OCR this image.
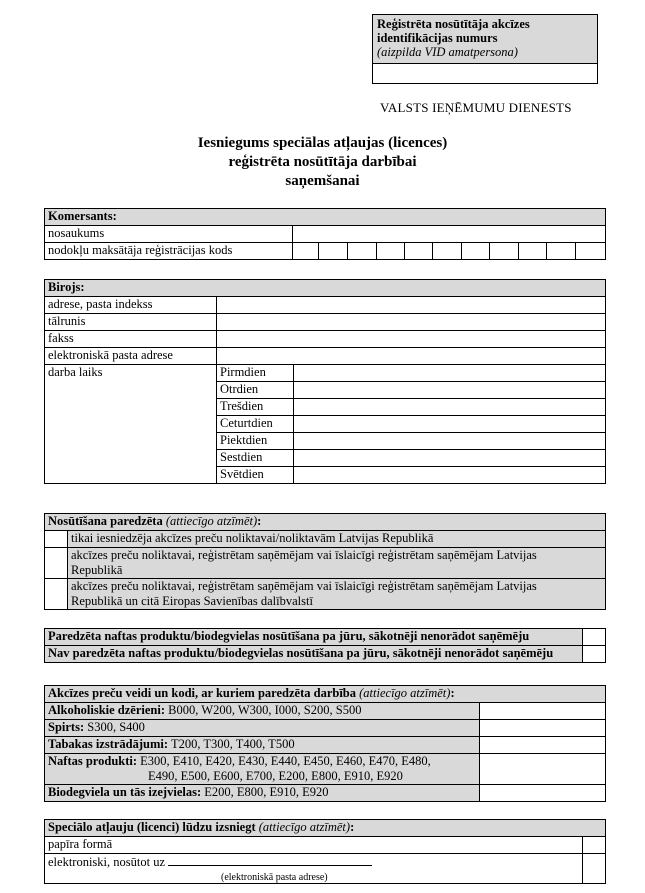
Reģistrēta nosūtītāja akcīzes
identifikācijas numurs
(aizpilda VID amatpersona)
VALSTS IEŅĒMUMU DIENESTS
Iesniegums speciālas atļaujas (licences)
reģistrēta nosūtītāja darbībai
saņemšanai
Komersants:											
nosaukums											
nodokļu maksātāja reģistrācijas kods											
Birojs:		
adrese, pasta indekss		
tālrunis		
fakss		
elektroniskā pasta adrese		
darba laiks	Pirmdien	
	Otrdien	
	Trešdien	
	Ceturtdien	
	Piektdien	
	Sestdien	
	Svētdien	
Nosūtīšana paredzēta (attiecīgo atzīmēt):	
	tikai iesniedzēja akcīzes preču noliktavai/noliktavām Latvijas Republikā

	akcīzes preču noliktavai, reģistrētam saņēmējam vai īslaicīgi reģistrētam saņēmējam Latvijas
Republikā

	akcīzes preču noliktavai, reģistrētam saņēmējam vai īslaicīgi reģistrētam saņēmējam Latvijas
Republikā un citā Eiropas Savienības dalībvalstī
Paredzēta naftas produktu/biodegvielas nosūtīšana pa jūru, sākotnēji nenorādot saņēmēju	
Nav paredzēta naftas produktu/biodegvielas nosūtīšana pa jūru, sākotnēji nenorādot saņēmēju	
Akcīzes preču veidi un kodi, ar kuriem paredzēta darbība (attiecīgo atzīmēt):	
Alkoholiskie dzērieni: B000, W200, W300, I000, S200, S500	
Spirts: S300, S400	
Tabakas izstrādājumi: T200, T300, T400, T500	

Naftas produkti: E300, E410, E420, E430, E440, E450, E460, E470, E480,
E490, E500, E600, E700, E200, E800, E910, E920	

Biodegviela un tās izejvielas: E200, E800, E910, E920	
Speciālo atļauju (licenci) lūdzu izsniegt (attiecīgo atzīmēt):	
papīra formā	
elektroniski, nosūtot uz
(elektroniskā pasta adrese)	
